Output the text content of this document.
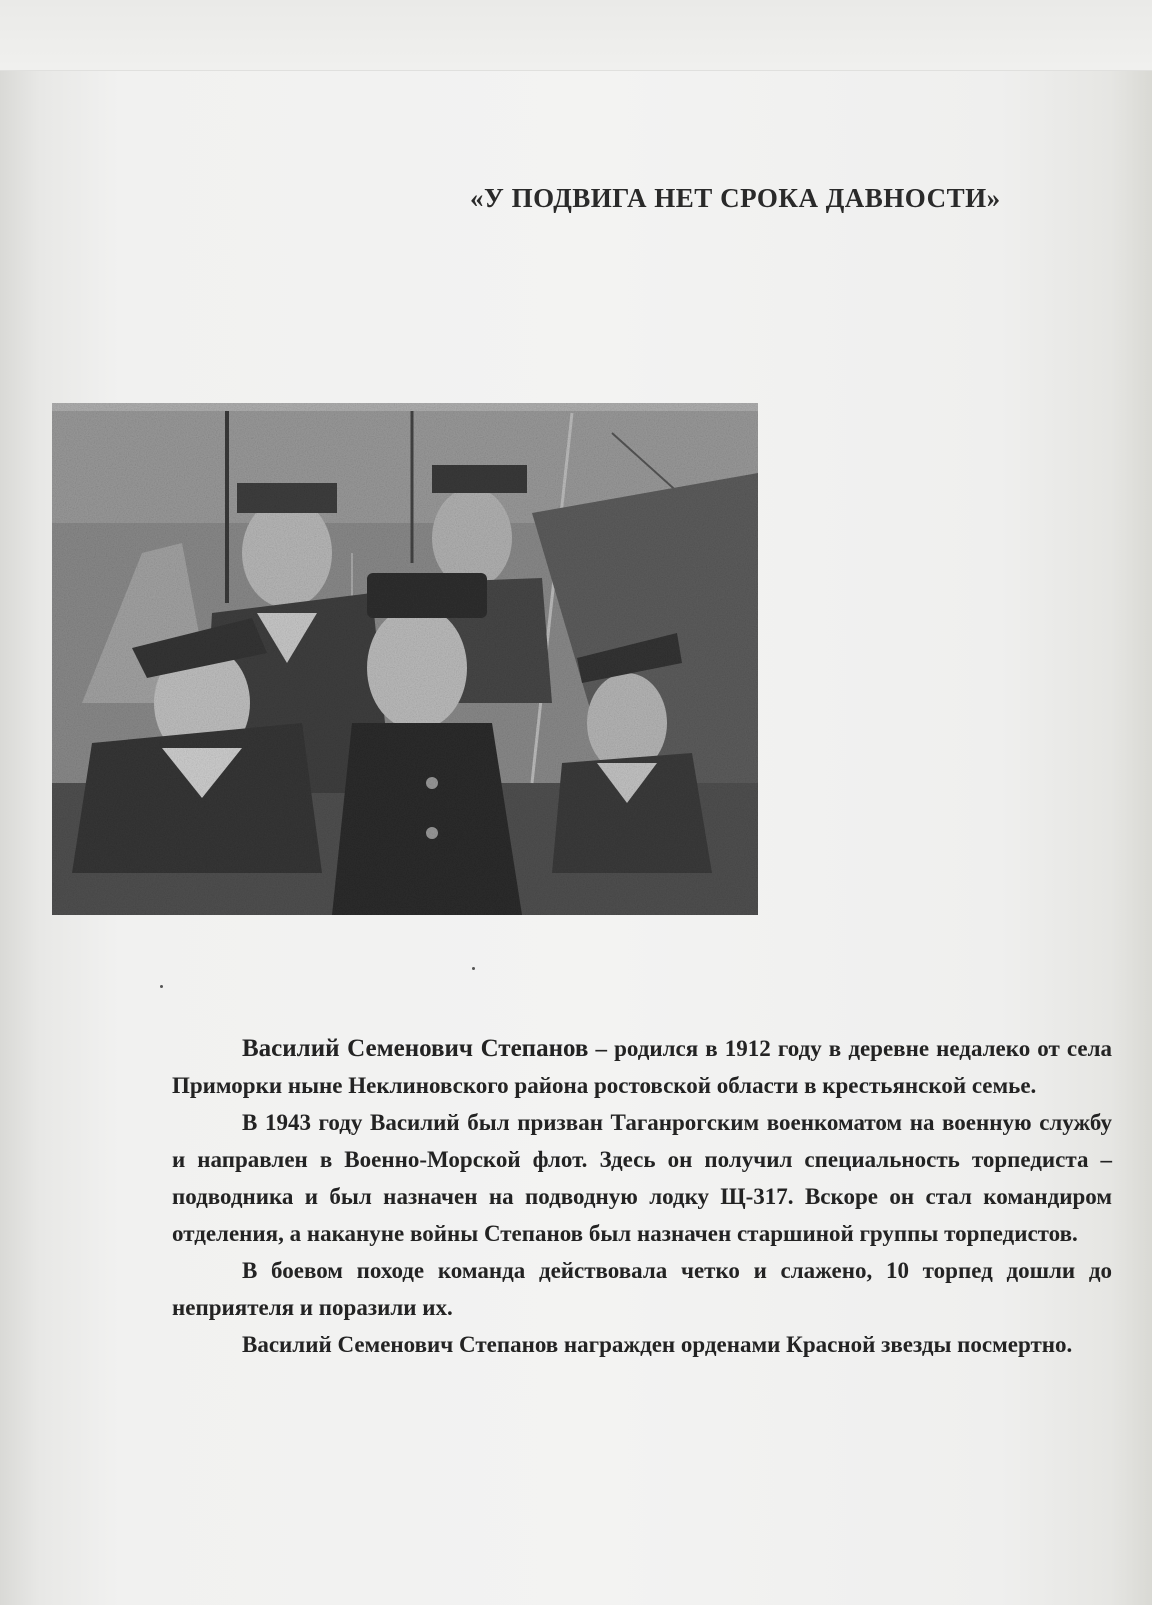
«У ПОДВИГА НЕТ СРОКА ДАВНОСТИ»

Василий Семенович Степанов – родился в 1912 году в деревне недалеко от села Приморки ныне Неклиновского района ростовской области в крестьянской семье.

В 1943 году Василий был призван Таганрогским военкоматом на военную службу и направлен в Военно-Морской флот. Здесь он получил специальность торпедиста – подводника и был назначен на подводную лодку Щ-317. Вскоре он стал командиром отделения, а накануне войны Степанов был назначен старшиной группы торпедистов.

В боевом походе команда действовала четко и слажено, 10 торпед дошли до неприятеля и поразили их.

Василий Семенович Степанов награжден орденами Красной звезды посмертно.
